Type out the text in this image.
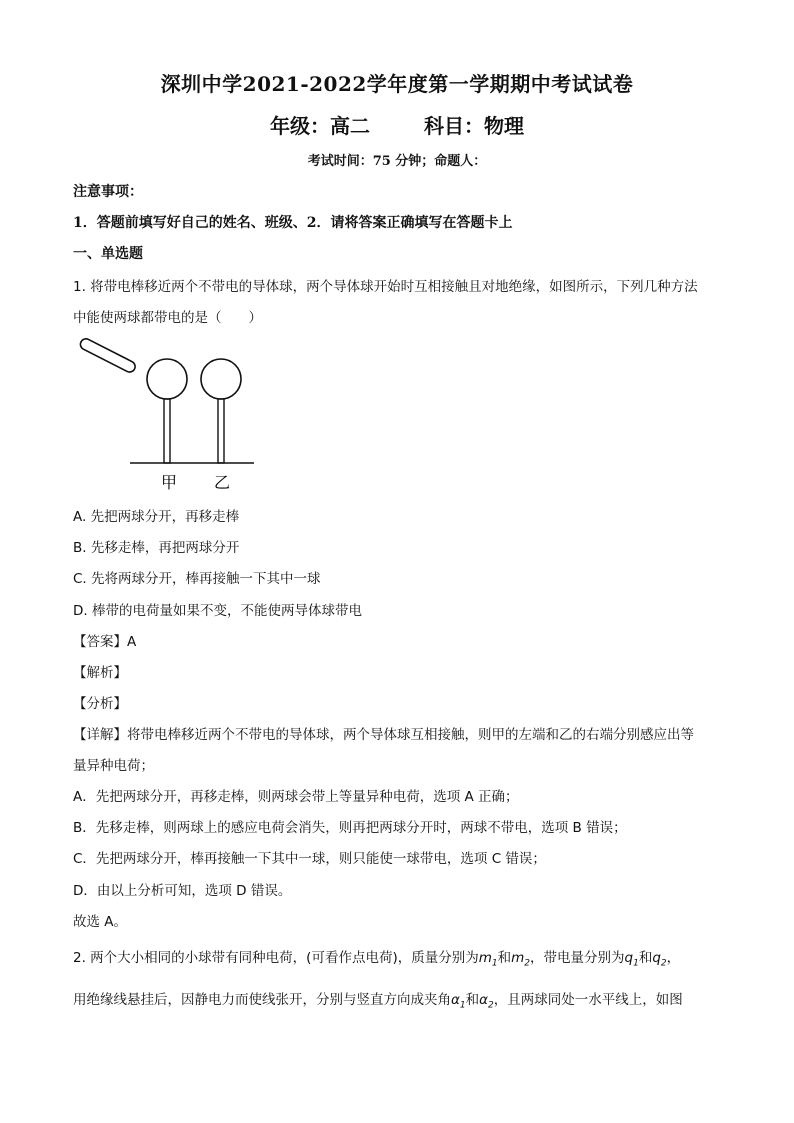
深圳中学2021-2022学年度第一学期期中考试试卷
年级：高二	科目：物理
考试时间：75 分钟；命题人：
注意事项：
1．答题前填写好自己的姓名、班级、2．请将答案正确填写在答题卡上
一、单选题
1. 将带电棒移近两个不带电的导体球，两个导体球开始时互相接触且对地绝缘，如图所示，下列几种方法
中能使两球都带电的是（　　）
甲 乙
A. 先把两球分开，再移走棒
B. 先移走棒，再把两球分开
C. 先将两球分开，棒再接触一下其中一球
D. 棒带的电荷量如果不变，不能使两导体球带电
【答案】A
【解析】
【分析】
【详解】将带电棒移近两个不带电的导体球，两个导体球互相接触，则甲的左端和乙的右端分别感应出等
量异种电荷；
A．先把两球分开，再移走棒，则两球会带上等量异种电荷，选项 A 正确；
B．先移走棒，则两球上的感应电荷会消失，则再把两球分开时，两球不带电，选项 B 错误；
C．先把两球分开，棒再接触一下其中一球，则只能使一球带电，选项 C 错误；
D．由以上分析可知，选项 D 错误。
故选 A。
2. 两个大小相同的小球带有同种电荷，(可看作点电荷)，质量分别为$m_1$和$m_2$，带电量分别为$q_1$和$q_2$，
用绝缘线悬挂后，因静电力而使线张开，分别与竖直方向成夹角$\alpha_1$和$\alpha_2$，且两球同处一水平线上，如图
